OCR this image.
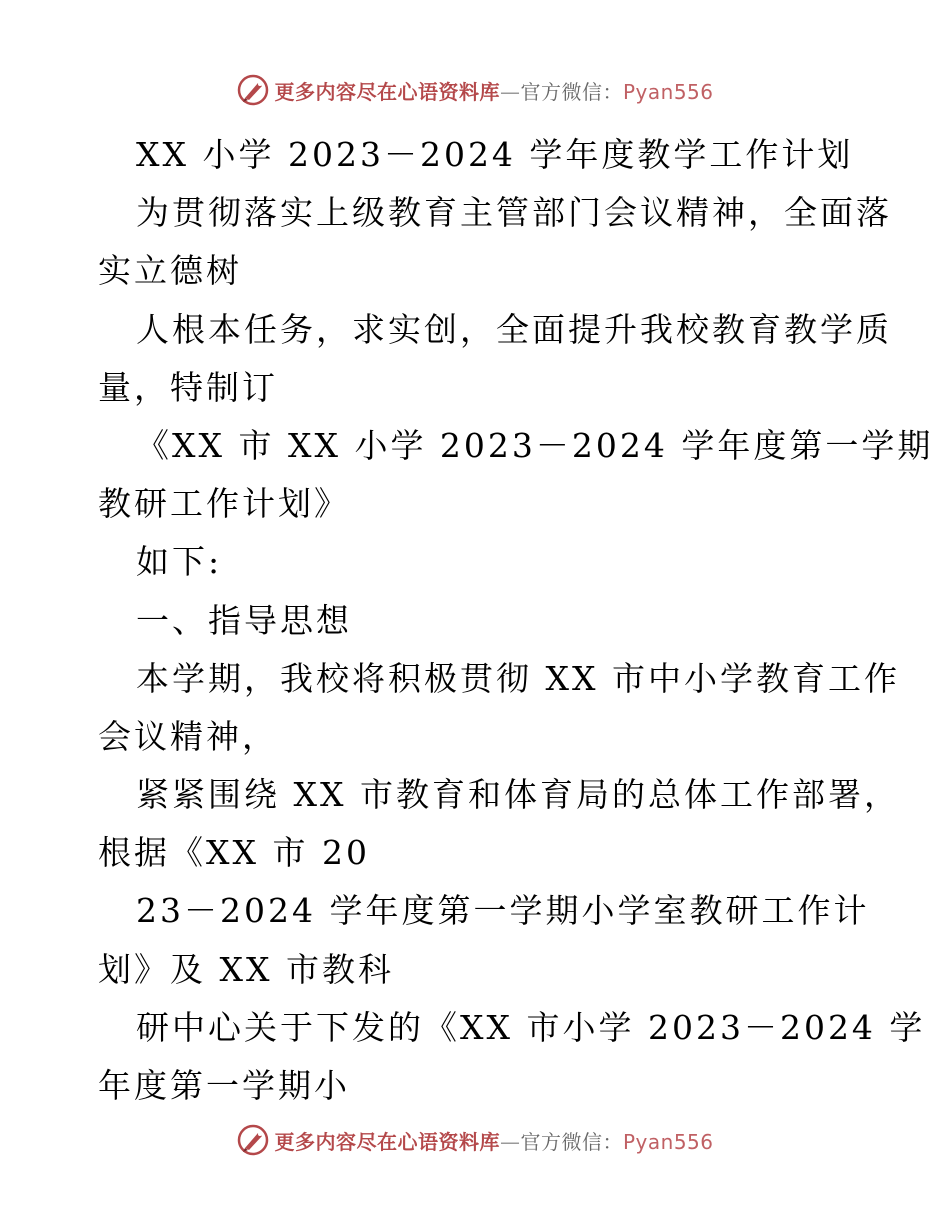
更多内容尽在心语资料库—官方微信：Pyan556
XX 小学 2023－2024 学年度教学工作计划
为贯彻落实上级教育主管部门会议精神，全面落
实立德树
人根本任务，求实创，全面提升我校教育教学质
量，特制订
《XX 市 XX 小学 2023－2024 学年度第一学期
教研工作计划》
如下:
一、指导思想
本学期，我校将积极贯彻 XX 市中小学教育工作
会议精神，
紧紧围绕 XX 市教育和体育局的总体工作部署，
根据《XX 市 20
23－2024 学年度第一学期小学室教研工作计
划》及 XX 市教科
研中心关于下发的《XX 市小学 2023－2024 学
年度第一学期小
更多内容尽在心语资料库—官方微信：Pyan556
